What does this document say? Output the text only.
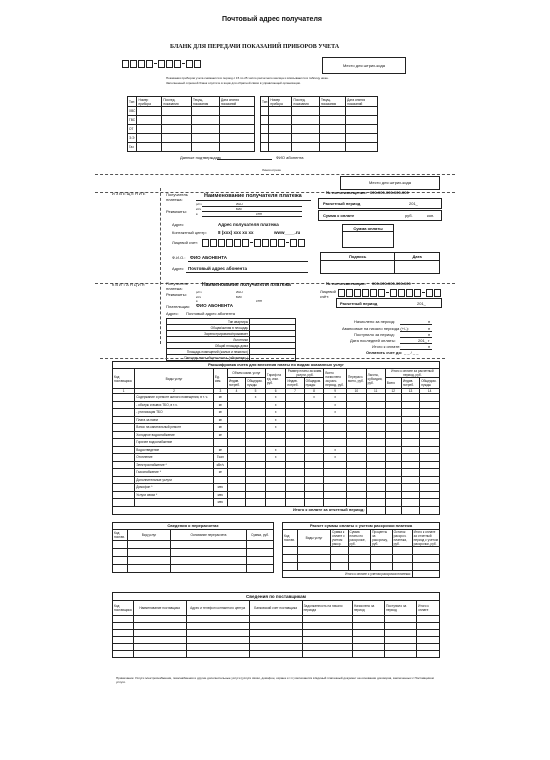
Почтовый адрес получателя
БЛАНК ДЛЯ ПЕРЕДАЧИ ПОКАЗАНИЙ ПРИБОРОВ УЧЕТА
Место для штрих-кода
Показания приборов учета снимаются в период с 15 по 25 число расчетного месяца и вписываются в таблицу ниже.
Заполненный отрезной бланк опустите в ящик для обратной связи в управляющей организации.
Тип	Номер прибора	Послед. показания	Текущ. показания	Дата снятия показаний
ХВС				
ГВС				
ОТ				
Э.Э				
Газ				
Тип	Номер прибора	Послед. показания	Текущ. показания	Дата снятия показаний

Данные подтверждаю	ФИО абонента
Линия отреза
Место для штрих-кода
ИЗВЕЩЕНИЕ	Получатель платежа:
Наименование получателя платежа
Реквизиты:
р/сч	ИНН
к/сч	БИК
в	КПП
Адрес	Адрес получателя платежа
Контактный центр:	8 (ххх) ххх хх хх	www____.ru
Лицевой счет:
Ф.И.О.: ФИО АБОНЕНТА
Адрес Почтовый адрес абонента
№ счета-извещения: 000-000-000-000-000
Расчетный период	201_
Сумма к оплате	руб.	коп.
Сумма оплаты
Подпись	Дата

КВИТАНЦИЯ	Получатель платежа:
Наименование получателя платежа
Реквизиты:	р/сч	ИНН
к/сч	БИК
в	КПП
Плательщик: ФИО АБОНЕНТА
Адрес: Почтовый адрес абонента
№ счета-квитанции: 000-000-000-000-000
Лицевой счёт:
Расчетный период	201_
Тип квартиры	
Общая/жилая в площадь	
Зарегистрировано/проживает	
Льготники	
Общий площадь дома	
Площадь помещений (жилых и нежилых)	
Площадь мест общего польз. (общеимущ.)	
Начислено за период:	п
Авансовые на начало периода (+/-):	п
Поступило за период:	п
Дата последней оплаты:	201_ г
Итого к оплате:	п
Оплатить счет до: _ _ / _ _
Расшифровка счета для внесения платы по видам оказанных услуг													
Код поставщика	Виды услуг	Ед. изм.	Объем комм. услуг		Тариф на ед. изм. руб.	Размер платы за комм. услуги, руб.		Всего начислено за расч. период, руб.	Перерасч. всего, руб.	Льготы, субсидии, руб.	Итого к оплате за расчетный период, руб.		
			Индив. потреб.	Общедом. нужды		Индив. потреб.	Общедом. нужды				Всего	Индив. потреб.	Общедом. нужды
1	2	3	4	5	6	7	8	9	10	11	12	13	14
	Содержание и ремонт жилого помещения, в т. ч.	м²		х	х		х	х					
	- обслуж и вывоз ТБО, в т.ч.	м²			х			х					
	- утилизация ТБО	м²			х			х					
	Плата за наем	м²			х								
	Взнос на капитальный ремонт	м²			х								
	Холодное водоснабжение	м³											
	Горячее водоснабжение												
	Водоотведение	м³			х			х					
	Отопление	Гкал			х			х					
	Электроснабжение *	кВт/ч											
	Газоснабжение *	м³											
	Дополнительные услуги												
	Домофон *	мес											
	Услуги связи *	мес											
		мес											
Итого к оплате за отчетный период:													
Сведения о перерасчетах			
Код постав.	Вид услуг	Основание перерасчета	Сумма, руб.

Расчет суммы оплаты с учетом рассрочки платежа						
Код постав.	Виды услуг	Сумма к оплате с учетом расср.	Сумма платы по рассрочке, руб.	Проценты за рассрочку, руб.	Остаток рассроч. платежа, руб.	Итого к оплате за отчетный период с учетом рассрочки, руб.

Итого к оплате с учетом рассрочки платежа:						
Сведения по поставщикам							
Код поставщика	Наименование поставщика	Адрес и телефон контактного центра	Банковский счет поставщика	Задолженность на начало периода	Начислено за период	Поступило за период	Итого к оплате

Примечание: Услуги электроснабжения, газоснабжения и другие дополнительные услуги (услуги связи, домофон, охрана и т.п.) включаются в Единый платежный документ на основании договоров, заключенных с Поставщиком услуги.
